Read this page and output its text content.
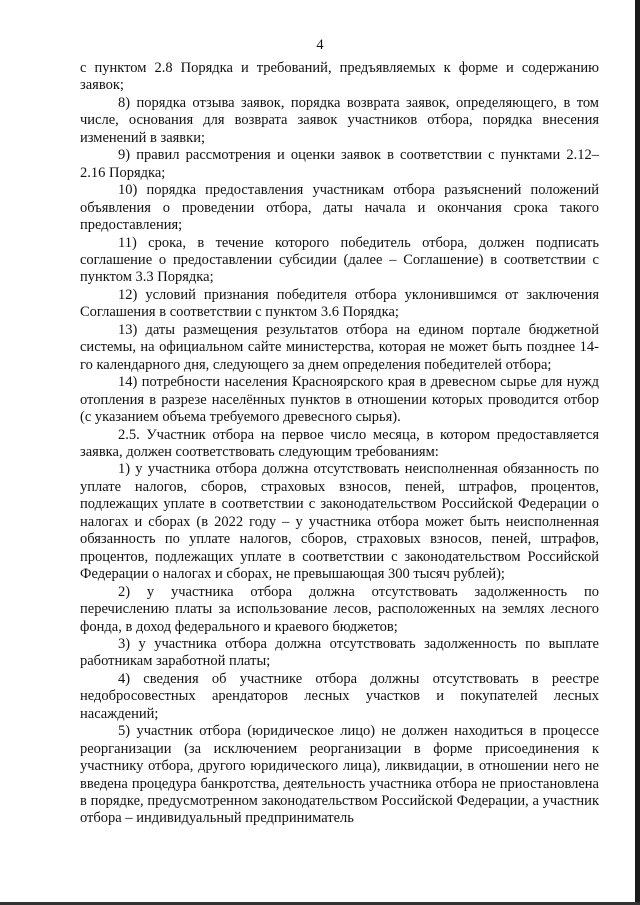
4

с пунктом 2.8 Порядка и требований, предъявляемых к форме и содержанию заявок;

8) порядка отзыва заявок, порядка возврата заявок, определяющего, в том числе, основания для возврата заявок участников отбора, порядка внесения изменений в заявки;

9) правил рассмотрения и оценки заявок в соответствии с пунктами 2.12–2.16 Порядка;

10) порядка предоставления участникам отбора разъяснений положений объявления о проведении отбора, даты начала и окончания срока такого предоставления;

11) срока, в течение которого победитель отбора, должен подписать соглашение о предоставлении субсидии (далее – Соглашение) в соответствии с пунктом 3.3 Порядка;

12) условий признания победителя отбора уклонившимся от заключения Соглашения в соответствии с пунктом 3.6 Порядка;

13) даты размещения результатов отбора на едином портале бюджетной системы, на официальном сайте министерства, которая не может быть позднее 14-го календарного дня, следующего за днем определения победителей отбора;

14) потребности населения Красноярского края в древесном сырье для нужд отопления в разрезе населённых пунктов в отношении которых проводится отбор (с указанием объема требуемого древесного сырья).

2.5. Участник отбора на первое число месяца, в котором предоставляется заявка, должен соответствовать следующим требованиям:

1) у участника отбора должна отсутствовать неисполненная обязанность по уплате налогов, сборов, страховых взносов, пеней, штрафов, процентов, подлежащих уплате в соответствии с законодательством Российской Федерации о налогах и сборах (в 2022 году – у участника отбора может быть неисполненная обязанность по уплате налогов, сборов, страховых взносов, пеней, штрафов, процентов, подлежащих уплате в соответствии с законодательством Российской Федерации о налогах и сборах, не превышающая 300 тысяч рублей);

2) у участника отбора должна отсутствовать задолженность по перечислению платы за использование лесов, расположенных на землях лесного фонда, в доход федерального и краевого бюджетов;

3) у участника отбора должна отсутствовать задолженность по выплате работникам заработной платы;

4) сведения об участнике отбора должны отсутствовать в реестре недобросовестных арендаторов лесных участков и покупателей лесных насаждений;

5) участник отбора (юридическое лицо) не должен находиться в процессе реорганизации (за исключением реорганизации в форме присоединения к участнику отбора, другого юридического лица), ликвидации, в отношении него не введена процедура банкротства, деятельность участника отбора не приостановлена в порядке, предусмотренном законодательством Российской Федерации, а участник отбора – индивидуальный предприниматель
